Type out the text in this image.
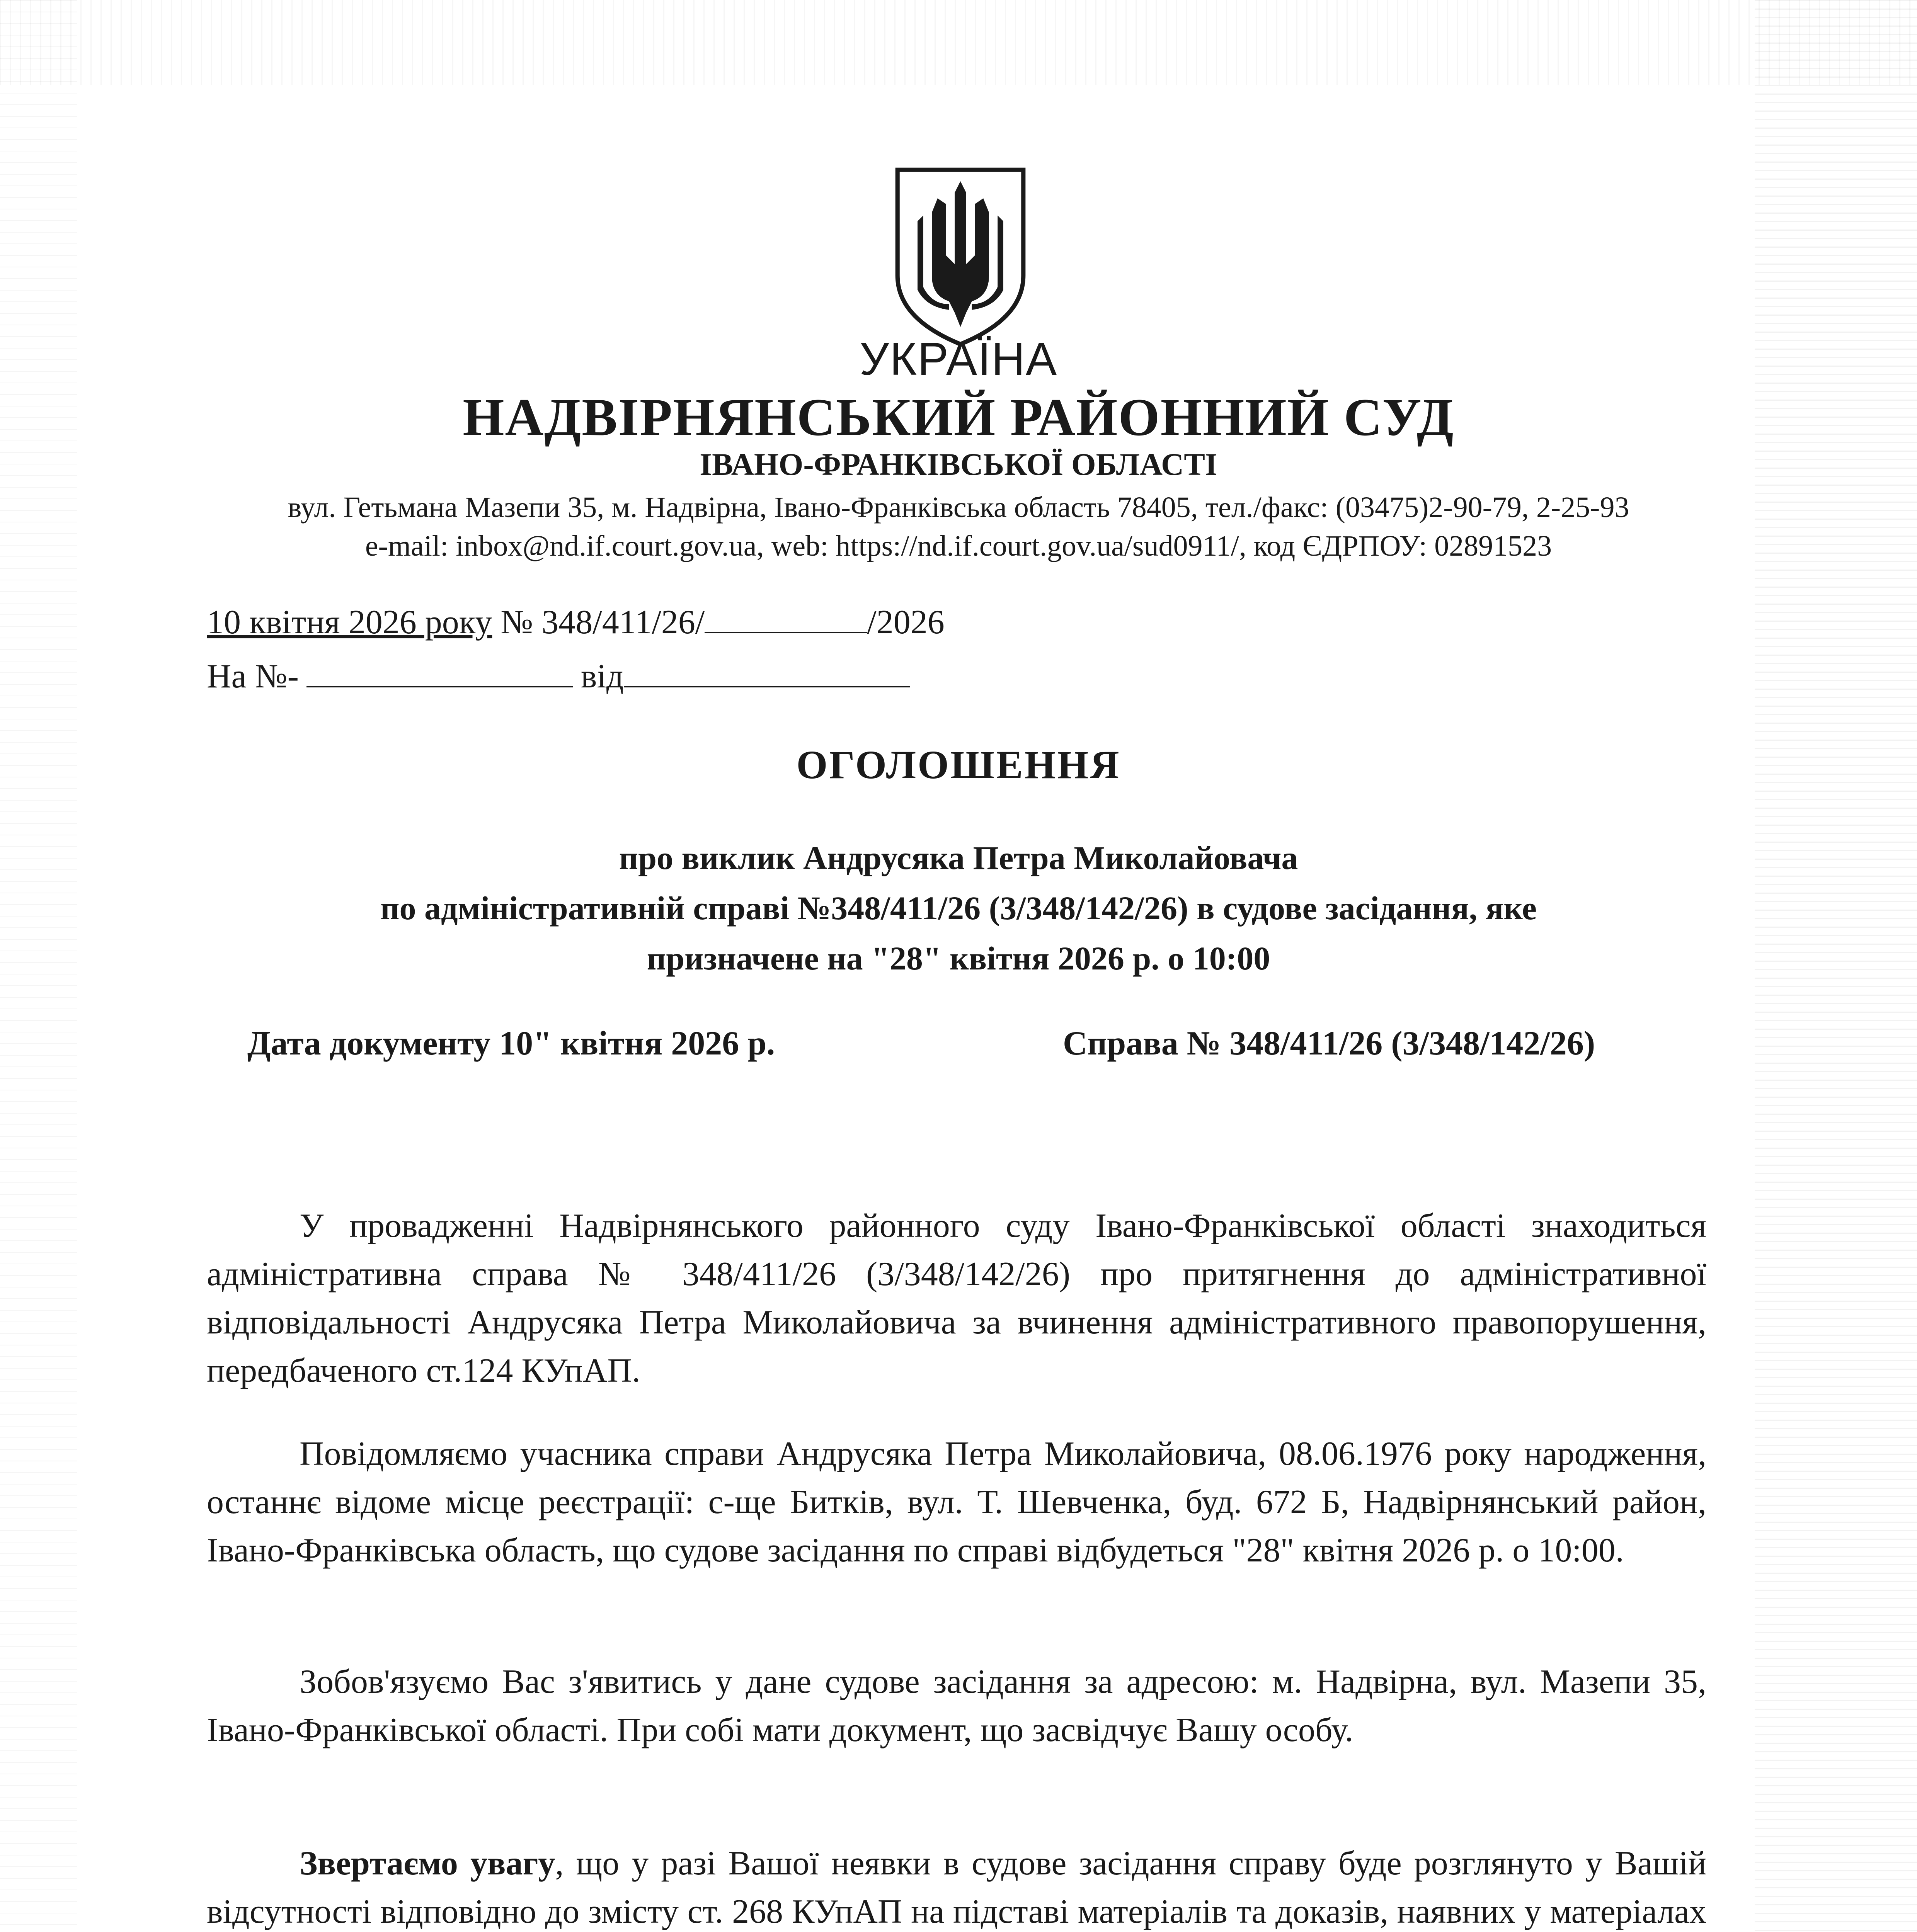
УКРАЇНА
НАДВІРНЯНСЬКИЙ РАЙОННИЙ СУД
ІВАНО-ФРАНКІВСЬКОЇ ОБЛАСТІ
вул. Гетьмана Мазепи 35, м. Надвірна, Івано-Франківська область 78405, тел./факс: (03475)2-90-79, 2-25-93
e-mail: inbox@nd.if.court.gov.ua, web: https://nd.if.court.gov.ua/sud0911/, код ЄДРПОУ: 02891523
10 квітня 2026 року № 348/411/26/	/2026
На №-	від
ОГОЛОШЕННЯ
про виклик Андрусяка Петра Миколайовача
по адміністративній справі №348/411/26 (3/348/142/26) в судове засідання, яке
призначене на "28" квітня 2026 р. о 10:00
Дата документу 10" квітня 2026 р.	Справа № 348/411/26 (3/348/142/26)
У провадженні Надвірнянського районного суду Івано-Франківської області знаходиться адміністративна справа № 348/411/26 (3/348/142/26) про притягнення до адміністративної відповідальності Андрусяка Петра Миколайовича за вчинення адміністративного правопорушення, передбаченого ст.124 КУпАП.
Повідомляємо учасника справи Андрусяка Петра Миколайовича, 08.06.1976 року народження, останнє відоме місце реєстрації: с-ще Битків, вул. Т. Шевченка, буд. 672 Б, Надвірнянський район, Івано-Франківська область, що судове засідання по справі відбудеться "28" квітня 2026 р. о 10:00.
Зобов'язуємо Вас з'явитись у дане судове засідання за адресою: м. Надвірна, вул. Мазепи 35, Івано-Франківської області. При собі мати документ, що засвідчує Вашу особу.
Звертаємо увагу, що у разі Вашої неявки в судове засідання справу буде розглянуто у Вашій відсутності відповідно до змісту ст. 268 КУпАП на підставі матеріалів та доказів, наявних у матеріалах
